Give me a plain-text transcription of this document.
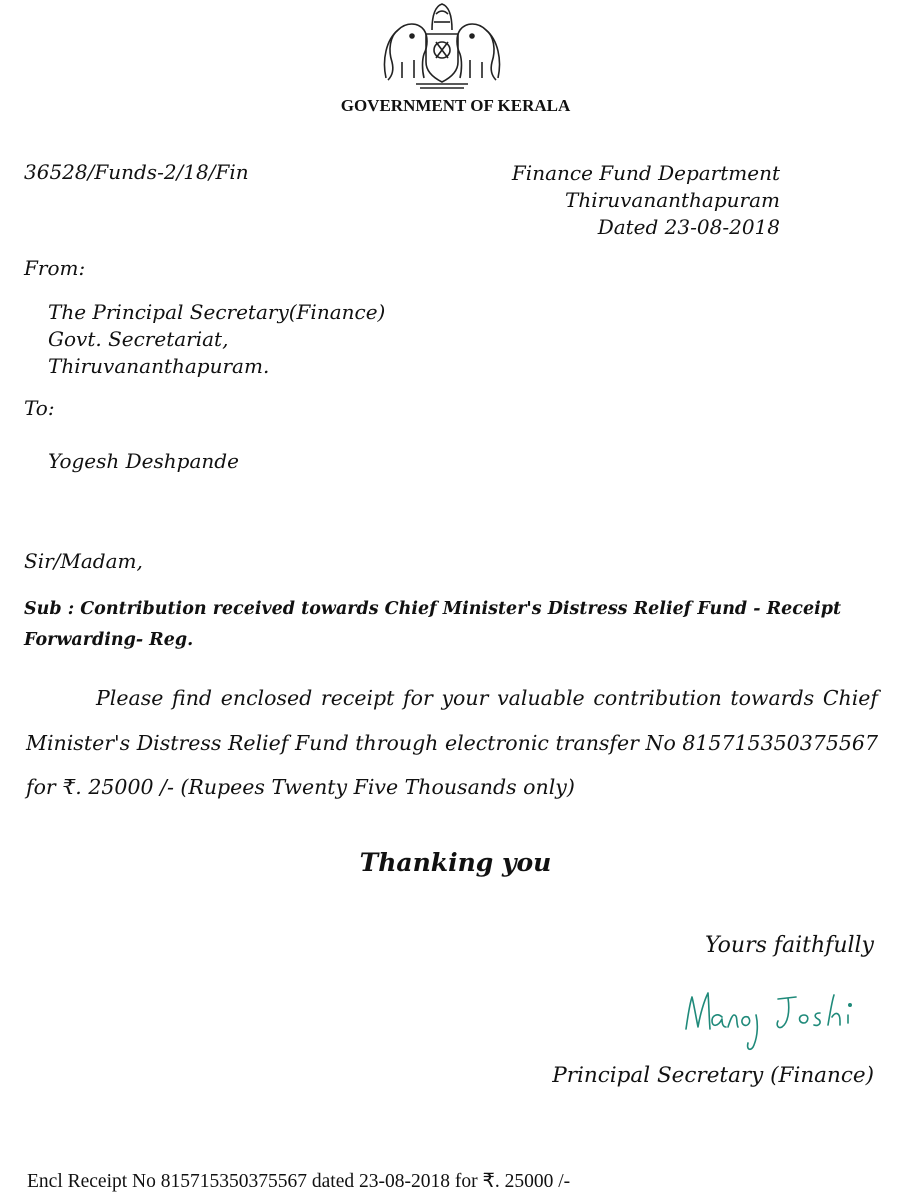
GOVERNMENT OF KERALA
36528/Funds-2/18/Fin	Finance Fund Department
Thiruvananthapuram
Dated 23-08-2018
From:
The Principal Secretary(Finance)
Govt. Secretariat,
Thiruvananthapuram.
To:
Yogesh Deshpande
Sir/Madam,
Sub : Contribution received towards Chief Minister's Distress Relief Fund - Receipt Forwarding- Reg.
Please find enclosed receipt for your valuable contribution towards Chief Minister's Distress Relief Fund through electronic transfer No 815715350375567 for ₹. 25000 /- (Rupees Twenty Five Thousands only)
Thanking you
Yours faithfully
Principal Secretary (Finance)
Encl Receipt No 815715350375567 dated 23-08-2018 for ₹. 25000 /-
